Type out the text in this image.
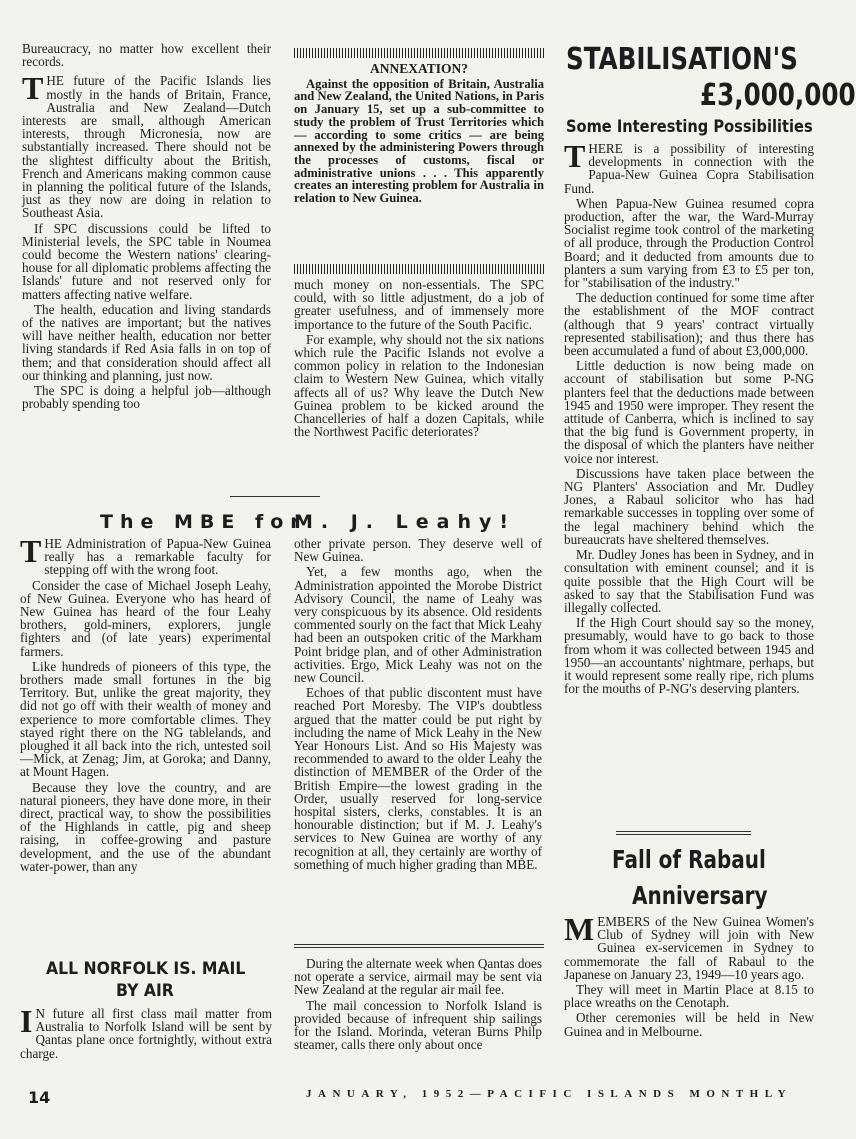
Bureaucracy, no matter how excellent their records.

THE future of the Pacific Islands lies mostly in the hands of Britain, France, Australia and New Zealand—Dutch interests are small, although American interests, through Micronesia, now are substantially increased. There should not be the slightest difficulty about the British, French and Americans making common cause in planning the political future of the Islands, just as they now are doing in relation to Southeast Asia.

If SPC discussions could be lifted to Ministerial levels, the SPC table in Noumea could become the Western nations' clearing-house for all diplomatic problems affecting the Islands' future and not reserved only for matters affecting native welfare.

The health, education and living standards of the natives are important; but the natives will have neither health, education nor better living standards if Red Asia falls in on top of them; and that consideration should affect all our thinking and planning, just now.

The SPC is doing a helpful job—although probably spending too

ANNEXATION?
Against the opposition of Britain, Australia and New Zealand, the United Nations, in Paris on January 15, set up a sub-committee to study the problem of Trust Territories which — according to some critics — are being annexed by the administering Powers through the processes of customs, fiscal or administrative unions . . . This apparently creates an interesting problem for Australia in relation to New Guinea.

much money on non-essentials. The SPC could, with so little adjustment, do a job of greater usefulness, and of immensely more importance to the future of the South Pacific.

For example, why should not the six nations which rule the Pacific Islands not evolve a common policy in relation to the Indonesian claim to Western New Guinea, which vitally affects all of us? Why leave the Dutch New Guinea problem to be kicked around the Chancelleries of half a dozen Capitals, while the Northwest Pacific deteriorates?

STABILISATION'S
£3,000,000
Some Interesting Possibilities

THERE is a possibility of interesting developments in connection with the Papua-New Guinea Copra Stabilisation Fund.

When Papua-New Guinea resumed copra production, after the war, the Ward-Murray Socialist regime took control of the marketing of all produce, through the Production Control Board; and it deducted from amounts due to planters a sum varying from £3 to £5 per ton, for "stabilisation of the industry."

The deduction continued for some time after the establishment of the MOF contract (although that 9 years' contract virtually represented stabilisation); and thus there has been accumulated a fund of about £3,000,000.

Little deduction is now being made on account of stabilisation but some P-NG planters feel that the deductions made between 1945 and 1950 were improper. They resent the attitude of Canberra, which is inclined to say that the big fund is Government property, in the disposal of which the planters have neither voice nor interest.

Discussions have taken place between the NG Planters' Association and Mr. Dudley Jones, a Rabaul solicitor who has had remarkable successes in toppling over some of the legal machinery behind which the bureaucrats have sheltered themselves.

Mr. Dudley Jones has been in Sydney, and in consultation with eminent counsel; and it is quite possible that the High Court will be asked to say that the Stabilisation Fund was illegally collected.

If the High Court should say so the money, presumably, would have to go back to those from whom it was collected between 1945 and 1950—an accountants' nightmare, perhaps, but it would represent some really ripe, rich plums for the mouths of P-NG's deserving planters.

The MBE for
M. J. Leahy!

THE Administration of Papua-New Guinea really has a remarkable faculty for stepping off with the wrong foot.

Consider the case of Michael Joseph Leahy, of New Guinea. Everyone who has heard of New Guinea has heard of the four Leahy brothers, gold-miners, explorers, jungle fighters and (of late years) experimental farmers.

Like hundreds of pioneers of this type, the brothers made small fortunes in the big Territory. But, unlike the great majority, they did not go off with their wealth of money and experience to more comfortable climes. They stayed right there on the NG tablelands, and ploughed it all back into the rich, untested soil—Mick, at Zenag; Jim, at Goroka; and Danny, at Mount Hagen.

Because they love the country, and are natural pioneers, they have done more, in their direct, practical way, to show the possibilities of the Highlands in cattle, pig and sheep raising, in coffee-growing and pasture development, and the use of the abundant water-power, than any

other private person. They deserve well of New Guinea.

Yet, a few months ago, when the Administration appointed the Morobe District Advisory Council, the name of Leahy was very conspicuous by its absence. Old residents commented sourly on the fact that Mick Leahy had been an outspoken critic of the Markham Point bridge plan, and of other Administration activities. Ergo, Mick Leahy was not on the new Council.

Echoes of that public discontent must have reached Port Moresby. The VIP's doubtless argued that the matter could be put right by including the name of Mick Leahy in the New Year Honours List. And so His Majesty was recommended to award to the older Leahy the distinction of MEMBER of the Order of the British Empire—the lowest grading in the Order, usually reserved for long-service hospital sisters, clerks, constables. It is an honourable distinction; but if M. J. Leahy's services to New Guinea are worthy of any recognition at all, they certainly are worthy of something of much higher grading than MBE.	Fall of Rabaul
Anniversary

MEMBERS of the New Guinea Women's Club of Sydney will join with New Guinea ex-servicemen in Sydney to commemorate the fall of Rabaul to the Japanese on January 23, 1949—10 years ago.

They will meet in Martin Place at 8.15 to place wreaths on the Cenotaph.

Other ceremonies will be held in New Guinea and in Melbourne.

ALL NORFOLK IS. MAIL
BY AIR

I N future all first class mail matter from Australia to Norfolk Island will be sent by Qantas plane once fortnightly, without extra charge.

During the alternate week when Qantas does not operate a service, airmail may be sent via New Zealand at the regular air mail fee.

The mail concession to Norfolk Island is provided because of infrequent ship sailings for the Island. Morinda, veteran Burns Philp steamer, calls there only about once

14	JANUARY, 1952—PACIFIC ISLANDS MONTHLY
